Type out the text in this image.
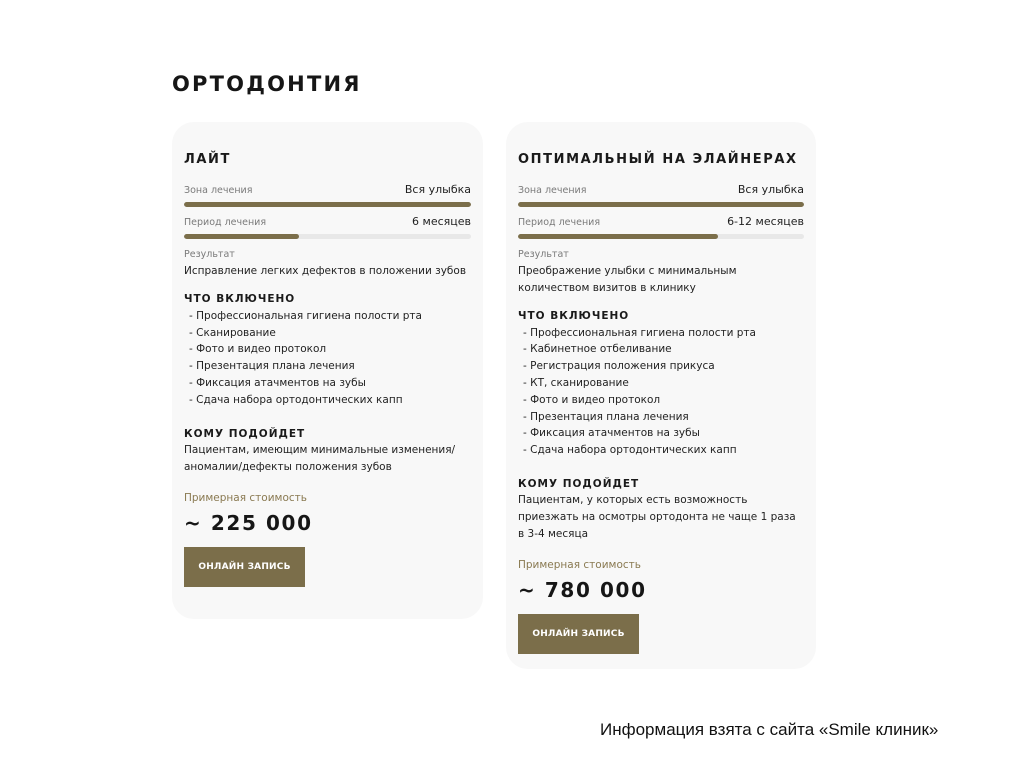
ОРТОДОНТИЯ
ЛАЙТ
Зона лечения	Вся улыбка
Период лечения	6 месяцев
Результат
Исправление легких дефектов в положении зубов
ЧТО ВКЛЮЧЕНО
- Профессиональная гигиена полости рта
- Сканирование
- Фото и видео протокол
- Презентация плана лечения
- Фиксация атачментов на зубы
- Сдача набора ортодонтических капп
КОМУ ПОДОЙДЕТ
Пациентам, имеющим минимальные изменения/ аномалии/дефекты положения зубов
Примерная стоимость
~ 225 000
ОНЛАЙН ЗАПИСЬ
ОПТИМАЛЬНЫЙ НА ЭЛАЙНЕРАХ
Зона лечения	Вся улыбка
Период лечения	6-12 месяцев
Результат
Преображение улыбки с минимальным количеством визитов в клинику
ЧТО ВКЛЮЧЕНО
- Профессиональная гигиена полости рта
- Кабинетное отбеливание
- Регистрация положения прикуса
- КТ, сканирование
- Фото и видео протокол
- Презентация плана лечения
- Фиксация атачментов на зубы
- Сдача набора ортодонтических капп
КОМУ ПОДОЙДЕТ
Пациентам, у которых есть возможность приезжать на осмотры ортодонта не чаще 1 раза в 3-4 месяца
Примерная стоимость
~ 780 000
ОНЛАЙН ЗАПИСЬ
Информация взята с сайта «Smile клиник»
